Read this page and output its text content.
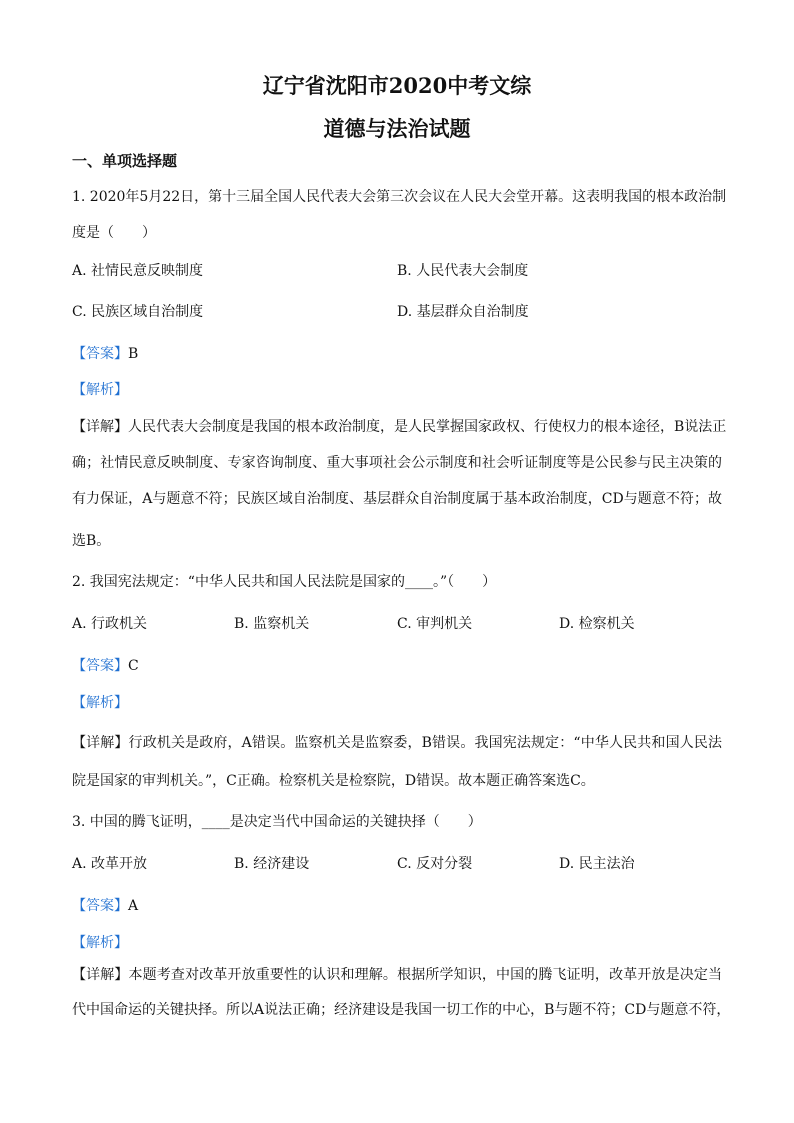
辽宁省沈阳市2020中考文综
道德与法治试题
一、单项选择题
1. 2020年5月22日，第十三届全国人民代表大会第三次会议在人民大会堂开幕。这表明我国的根本政治制
度是（　　）
A. 社情民意反映制度	B. 人民代表大会制度
C. 民族区域自治制度	D. 基层群众自治制度
【答案】B
【解析】
【详解】人民代表大会制度是我国的根本政治制度，是人民掌握国家政权、行使权力的根本途径，B说法正
确；社情民意反映制度、专家咨询制度、重大事项社会公示制度和社会听证制度等是公民参与民主决策的
有力保证，A与题意不符；民族区域自治制度、基层群众自治制度属于基本政治制度，CD与题意不符；故
选B。
2. 我国宪法规定：“中华人民共和国人民法院是国家的____。”（　　）
A. 行政机关	B. 监察机关	C. 审判机关	D. 检察机关
【答案】C
【解析】
【详解】行政机关是政府，A错误。监察机关是监察委，B错误。我国宪法规定：“中华人民共和国人民法
院是国家的审判机关。”，C正确。检察机关是检察院，D错误。故本题正确答案选C。
3. 中国的腾飞证明，____是决定当代中国命运的关键抉择（　　）
A. 改革开放	B. 经济建设	C. 反对分裂	D. 民主法治
【答案】A
【解析】
【详解】本题考查对改革开放重要性的认识和理解。根据所学知识，中国的腾飞证明，改革开放是决定当
代中国命运的关键抉择。所以A说法正确；经济建设是我国一切工作的中心，B与题不符；CD与题意不符，
